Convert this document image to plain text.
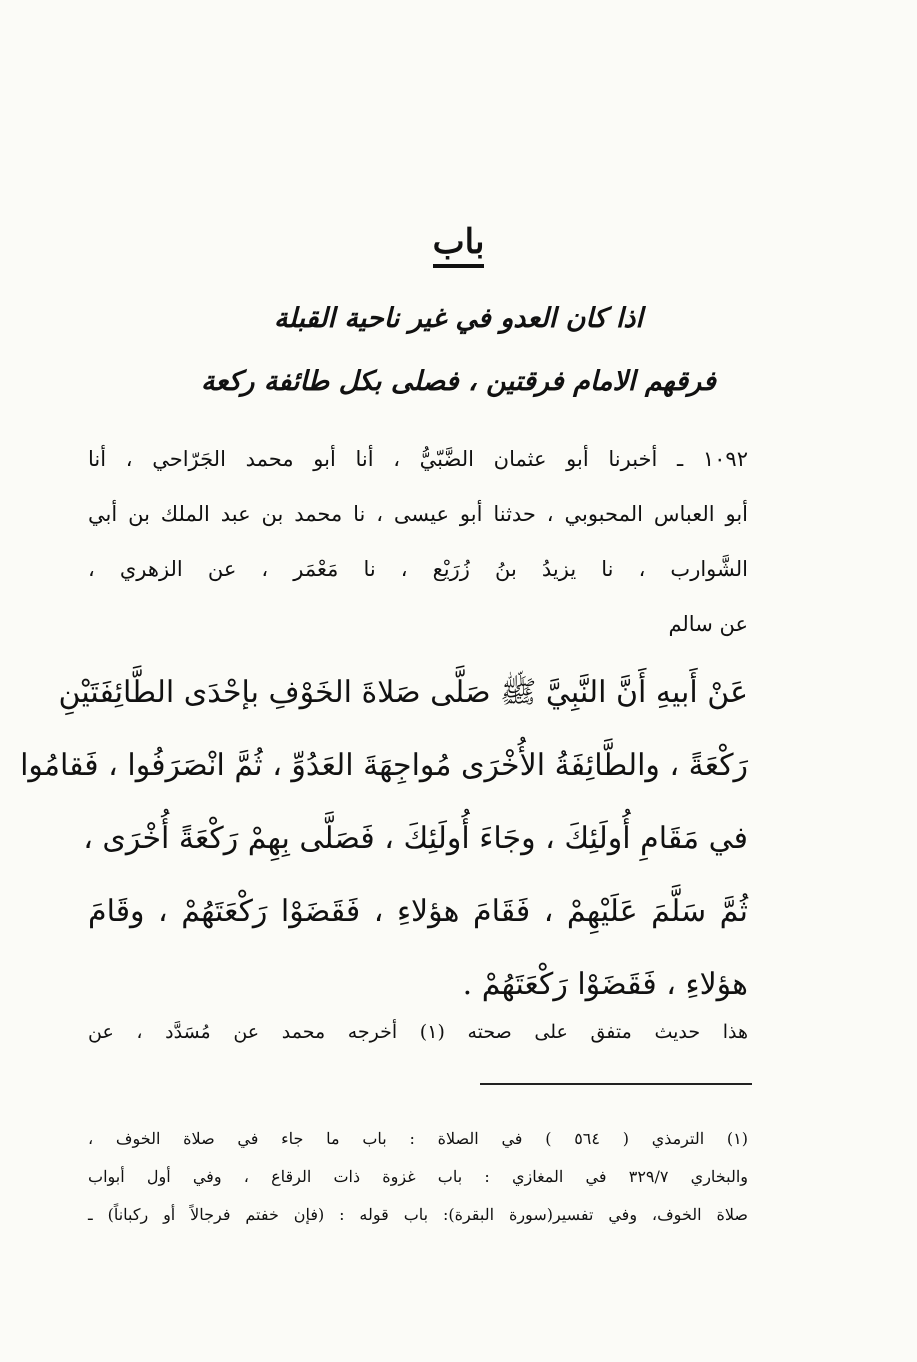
باب
اذا كان العدو في غير ناحية القبلة
فرقهم الامام فرقتين ، فصلى بكل طائفة ركعة
١٠٩٢ ـ أخبرنا أبو عثمان الضَّبّيُّ ، أنا أبو محمد الجَرّاحي ، أنا
أبو العباس المحبوبي ، حدثنا أبو عيسى ، نا محمد بن عبد الملك بن أبي
الشَّوارب ، نا يزيدُ بنُ زُرَيْع ، نا مَعْمَر ، عن الزهري ،
عن سالم
عَنْ أَبيهِ أَنَّ النَّبِيَّ ﷺ صَلَّى صَلاةَ الخَوْفِ بإحْدَى الطَّائِفَتَيْنِ
رَكْعَةً ، والطَّائِفَةُ الأُخْرَى مُواجِهَةَ العَدُوِّ ، ثُمَّ انْصَرَفُوا ، فَقامُوا
في مَقَامِ أُولَئِكَ ، وجَاءَ أُولَئِكَ ، فَصَلَّى بِهِمْ رَكْعَةً أُخْرَى ،
ثُمَّ سَلَّمَ عَلَيْهِمْ ، فَقَامَ هؤلاءِ ، فَقَضَوْا رَكْعَتَهُمْ ، وقَامَ
هؤلاءِ ، فَقَضَوْا رَكْعَتَهُمْ .
هذا حديث متفق على صحته (١) أخرجه محمد عن مُسَدَّد ، عن
(١) الترمذي ( ٥٦٤ ) في الصلاة : باب ما جاء في صلاة الخوف ،
والبخاري ٣٢٩/٧ في المغازي : باب غزوة ذات الرقاع ، وفي أول أبواب
صلاة الخوف، وفي تفسير(سورة البقرة): باب قوله : (فإن خفتم فرجالاً أو ركباناً) ـ
